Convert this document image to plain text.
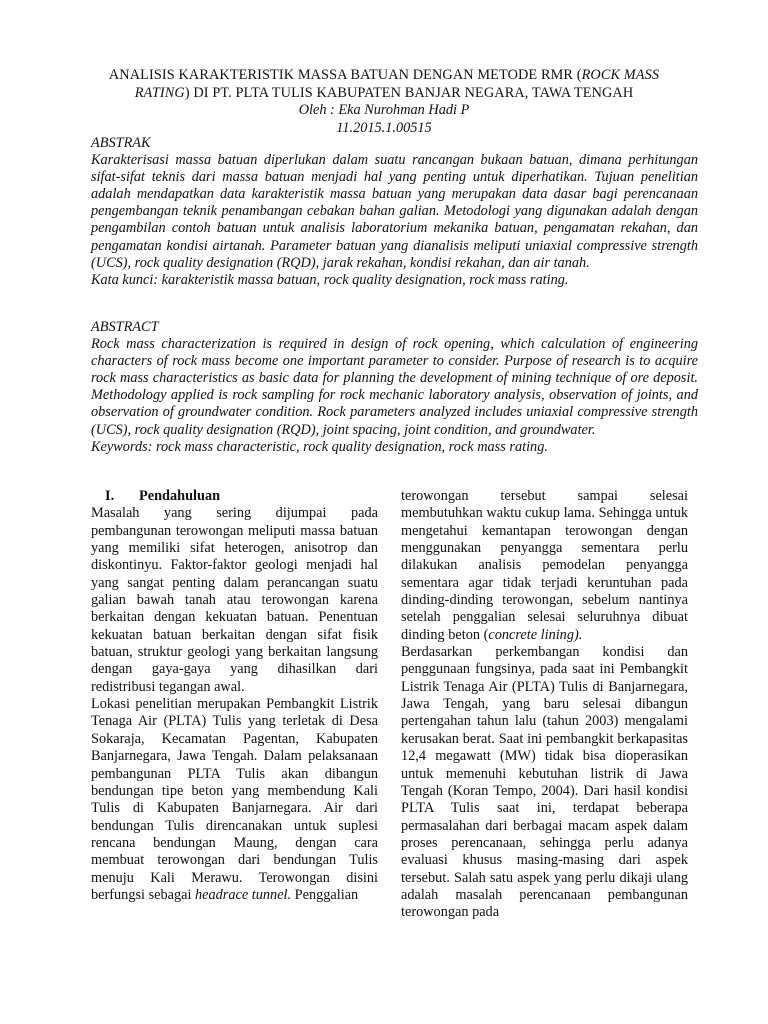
ANALISIS KARAKTERISTIK MASSA BATUAN DENGAN METODE RMR (ROCK MASS
RATING) DI PT. PLTA TULIS KABUPATEN BANJAR NEGARA, TAWA TENGAH
Oleh : Eka Nurohman Hadi P
11.2015.1.00515

ABSTRAK

Karakterisasi massa batuan diperlukan dalam suatu rancangan bukaan batuan, dimana perhitungan sifat-sifat teknis dari massa batuan menjadi hal yang penting untuk diperhatikan. Tujuan penelitian adalah mendapatkan data karakteristik massa batuan yang merupakan data dasar bagi perencanaan pengembangan teknik penambangan cebakan bahan galian. Metodologi yang digunakan adalah dengan pengambilan contoh batuan untuk analisis laboratorium mekanika batuan, pengamatan rekahan, dan pengamatan kondisi airtanah. Parameter batuan yang dianalisis meliputi uniaxial compressive strength (UCS), rock quality designation (RQD), jarak rekahan, kondisi rekahan, dan air tanah.

Kata kunci: karakteristik massa batuan, rock quality designation, rock mass rating.

ABSTRACT

Rock mass characterization is required in design of rock opening, which calculation of engineering characters of rock mass become one important parameter to consider. Purpose of research is to acquire rock mass characteristics as basic data for planning the development of mining technique of ore deposit. Methodology applied is rock sampling for rock mechanic laboratory analysis, observation of joints, and observation of groundwater condition. Rock parameters analyzed includes uniaxial compressive strength (UCS), rock quality designation (RQD), joint spacing, joint condition, and groundwater.

Keywords: rock mass characteristic, rock quality designation, rock mass rating.

I. Pendahuluan

Masalah yang sering dijumpai pada pembangunan terowongan meliputi massa batuan yang memiliki sifat heterogen, anisotrop dan diskontinyu. Faktor-faktor geologi menjadi hal yang sangat penting dalam perancangan suatu galian bawah tanah atau terowongan karena berkaitan dengan kekuatan batuan. Penentuan kekuatan batuan berkaitan dengan sifat fisik batuan, struktur geologi yang berkaitan langsung dengan gaya-gaya yang dihasilkan dari redistribusi tegangan awal.

Lokasi penelitian merupakan Pembangkit Listrik Tenaga Air (PLTA) Tulis yang terletak di Desa Sokaraja, Kecamatan Pagentan, Kabupaten Banjarnegara, Jawa Tengah. Dalam pelaksanaan pembangunan PLTA Tulis akan dibangun bendungan tipe beton yang membendung Kali Tulis di Kabupaten Banjarnegara. Air dari bendungan Tulis direncanakan untuk suplesi rencana bendungan Maung, dengan cara membuat terowongan dari bendungan Tulis menuju Kali Merawu. Terowongan disini berfungsi sebagai headrace tunnel. Penggalian

terowongan tersebut sampai selesai membutuhkan waktu cukup lama. Sehingga untuk mengetahui kemantapan terowongan dengan menggunakan penyangga sementara perlu dilakukan analisis pemodelan penyangga sementara agar tidak terjadi keruntuhan pada dinding-dinding terowongan, sebelum nantinya setelah penggalian selesai seluruhnya dibuat dinding beton (concrete lining).

Berdasarkan perkembangan kondisi dan penggunaan fungsinya, pada saat ini Pembangkit Listrik Tenaga Air (PLTA) Tulis di Banjarnegara, Jawa Tengah, yang baru selesai dibangun pertengahan tahun lalu (tahun 2003) mengalami kerusakan berat. Saat ini pembangkit berkapasitas 12,4 megawatt (MW) tidak bisa dioperasikan untuk memenuhi kebutuhan listrik di Jawa Tengah (Koran Tempo, 2004). Dari hasil kondisi PLTA Tulis saat ini, terdapat beberapa permasalahan dari berbagai macam aspek dalam proses perencanaan, sehingga perlu adanya evaluasi khusus masing-masing dari aspek tersebut. Salah satu aspek yang perlu dikaji ulang adalah masalah perencanaan pembangunan terowongan pada
